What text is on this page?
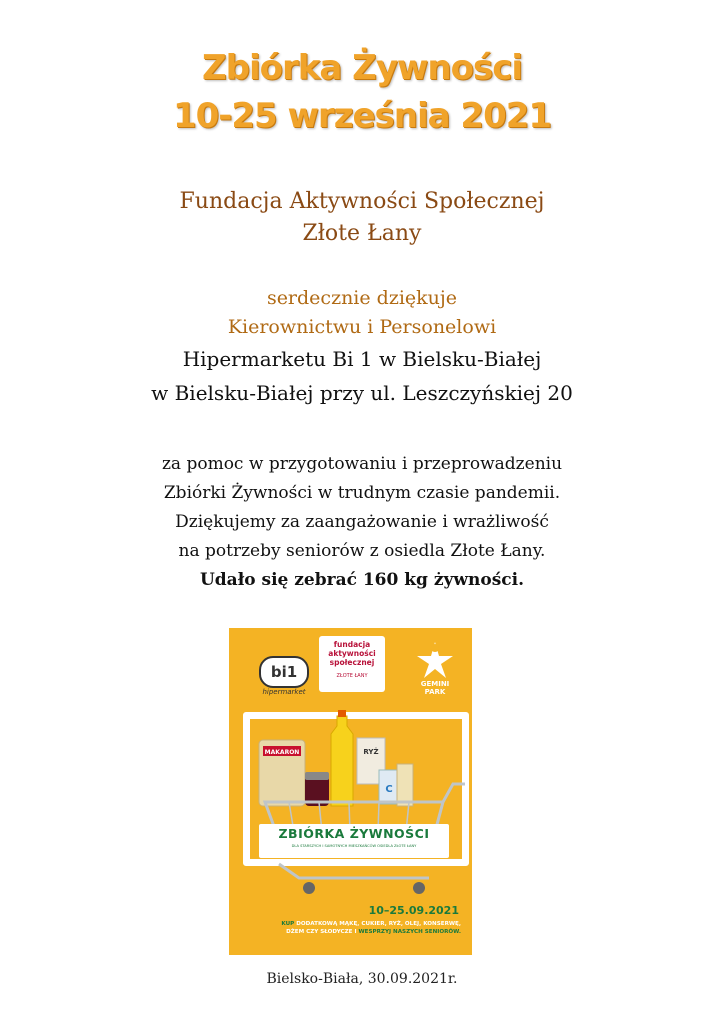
Zbiórka Żywności
10-25 września 2021
Fundacja Aktywności Społecznej
Złote Łany
serdecznie dziękuje
Kierownictwu i Personelowi
Hipermarketu Bi 1 w Bielsku-Białej
w Bielsku-Białej przy ul. Leszczyńskiej 20
za pomoc w przygotowaniu i przeprowadzeniu
Zbiórki Żywności w trudnym czasie pandemii.
Dziękujemy za zaangażowanie i wrażliwość
na potrzeby seniorów z osiedla Złote Łany.
Udało się zebrać 160 kg żywności.
bi1
hipermarket
fundacja
aktywności
społecznej
ZŁOTE ŁANY
GEMINI
PARK
MAKARON	RYŻ
C
ZBIÓRKA ŻYWNOŚCI
DLA STARSZYCH I SAMOTNYCH MIESZKAŃCÓW OSIEDLA ZŁOTE ŁANY
10–25.09.2021
KUP DODATKOWĄ MĄKĘ, CUKIER, RYŻ, OLEJ, KONSERWĘ,
DŻEM CZY SŁODYCZE I WESPRZYJ NASZYCH SENIORÓW.
Bielsko-Biała, 30.09.2021r.
